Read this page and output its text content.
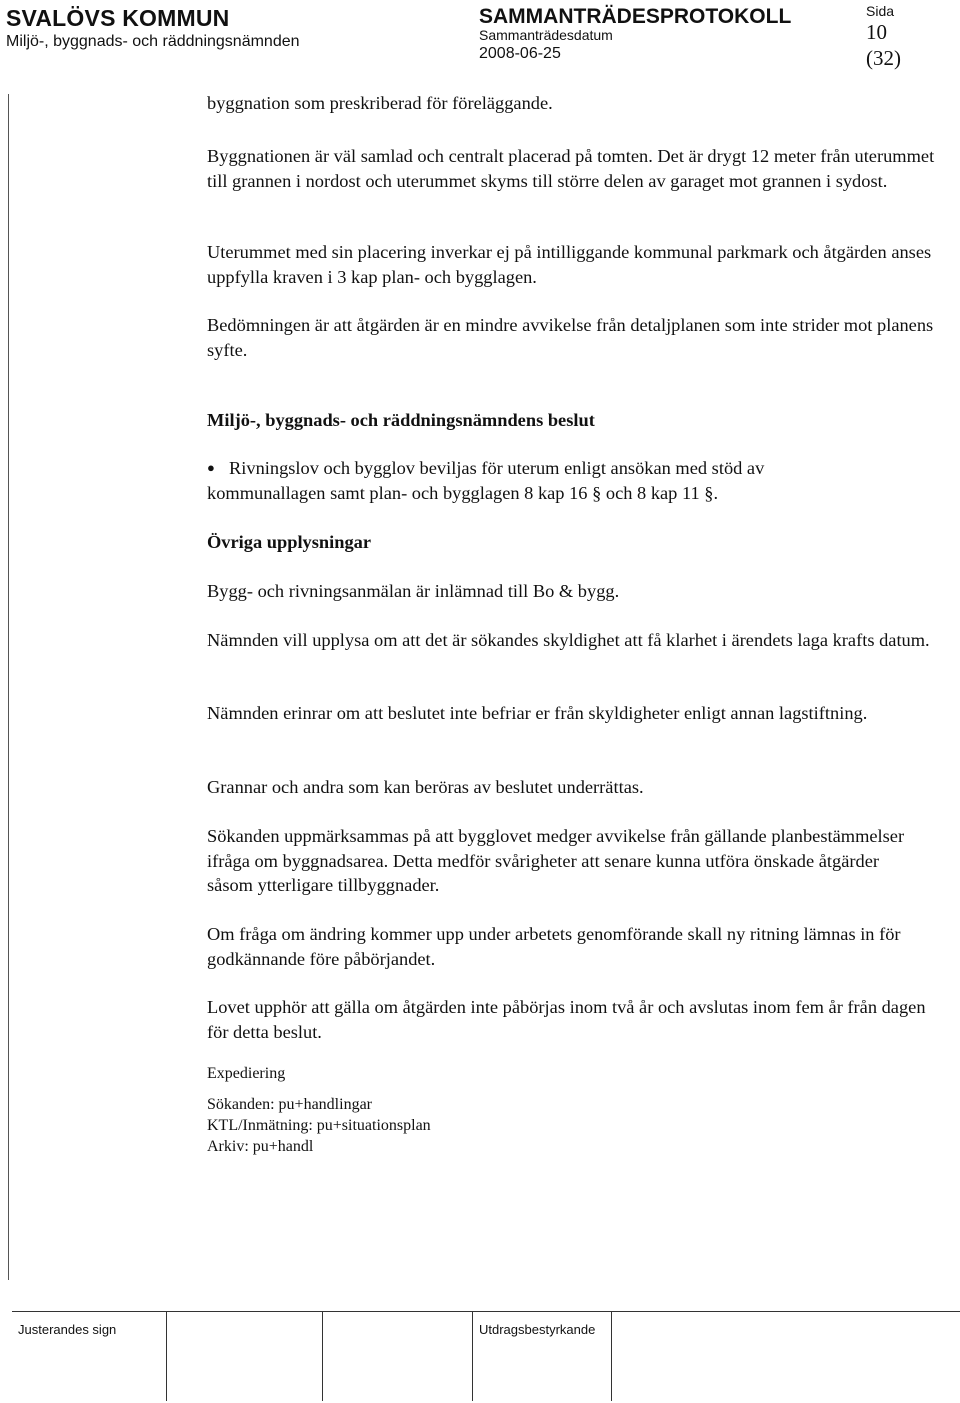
SVALÖVS KOMMUN
Miljö-, byggnads- och räddningsnämnden
SAMMANTRÄDESPROTOKOLL
Sammanträdesdatum
2008-06-25
Sida
10
(32)
byggnation som preskriberad för föreläggande.
Byggnationen är väl samlad och centralt placerad på tomten. Det är drygt 12 meter från uterummet till grannen i nordost och uterummet skyms till större delen av garaget mot grannen i sydost.
Uterummet med sin placering inverkar ej på intilliggande kommunal parkmark och åtgärden anses uppfylla kraven i 3 kap plan- och bygglagen.
Bedömningen är att åtgärden är en mindre avvikelse från detaljplanen som inte strider mot planens syfte.
Miljö-, byggnads- och räddningsnämndens beslut
● Rivningslov och bygglov beviljas för uterum enligt ansökan med stöd av kommunallagen samt plan- och bygglagen 8 kap 16 § och 8 kap 11 §.
Övriga upplysningar
Bygg- och rivningsanmälan är inlämnad till Bo & bygg.
Nämnden vill upplysa om att det är sökandes skyldighet att få klarhet i ärendets laga krafts datum.
Nämnden erinrar om att beslutet inte befriar er från skyldigheter enligt annan lagstiftning.
Grannar och andra som kan beröras av beslutet underrättas.
Sökanden uppmärksammas på att bygglovet medger avvikelse från gällande planbestämmelser ifråga om byggnadsarea. Detta medför svårigheter att senare kunna utföra önskade åtgärder såsom ytterligare tillbyggnader.
Om fråga om ändring kommer upp under arbetets genomförande skall ny ritning lämnas in för godkännande före påbörjandet.
Lovet upphör att gälla om åtgärden inte påbörjas inom två år och avslutas inom fem år från dagen för detta beslut.
Expediering
Sökanden: pu+handlingar
KTL/Inmätning: pu+situationsplan
Arkiv: pu+handl
Justerandes sign	Utdragsbestyrkande
